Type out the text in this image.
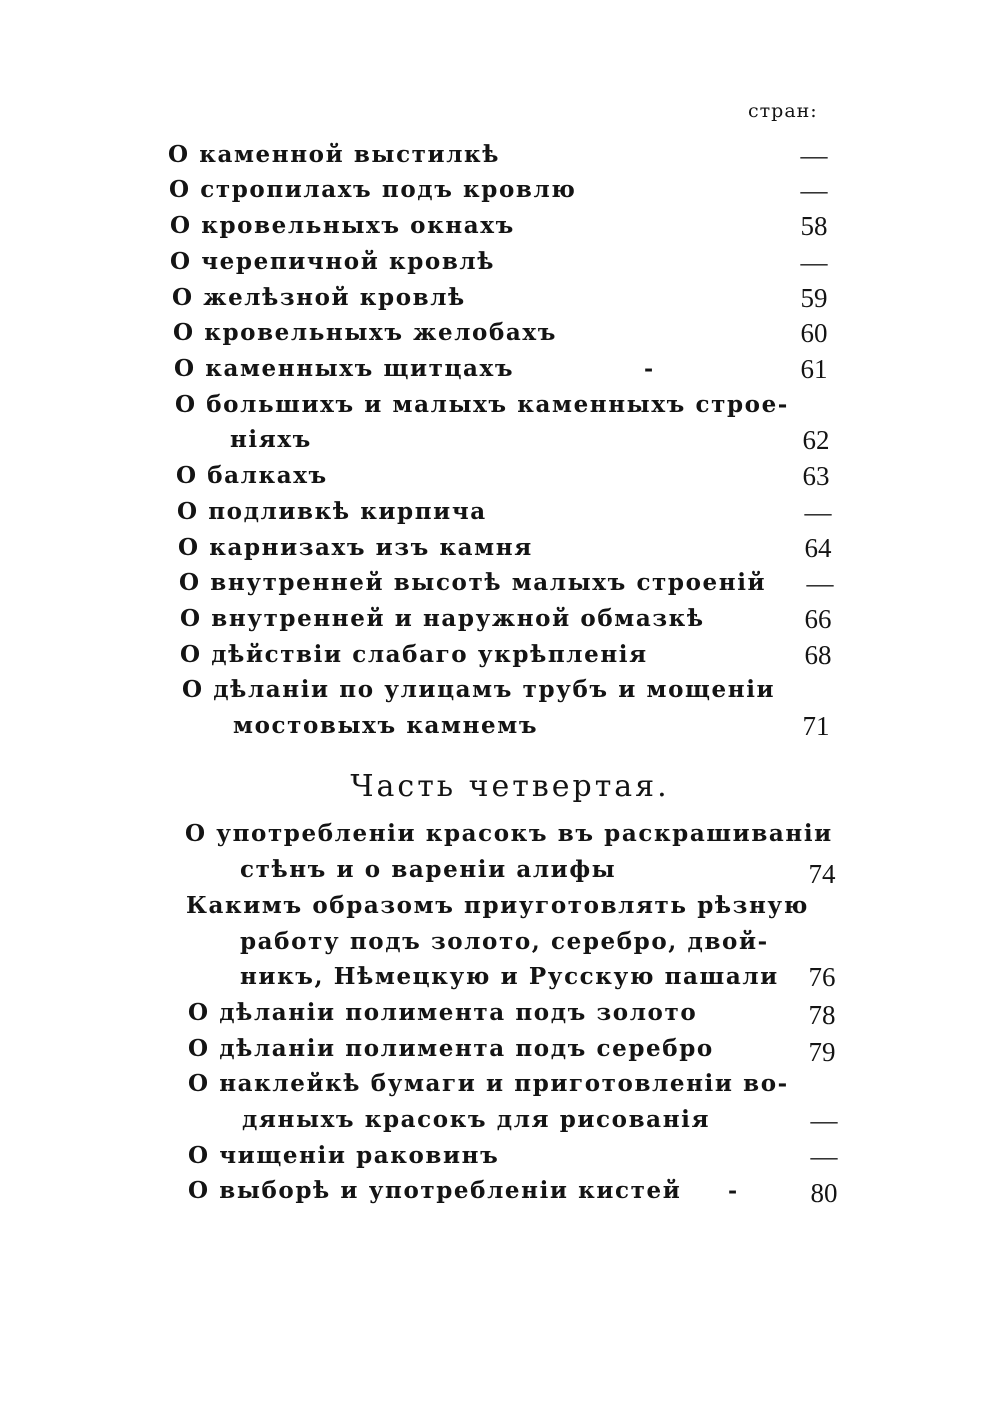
стран:
О каменной выстилкѣ	—
О стропилахъ подъ кровлю	—
О кровельныхъ окнахъ	58
О черепичной кровлѣ	—
О желѣзной кровлѣ	59
О кровельныхъ желобахъ	60
О каменныхъ щитцахъ	-	61
О большихъ и малыхъ каменныхъ строе-
ніяхъ	62
О балкахъ	63
О подливкѣ кирпича	—
О карнизахъ изъ камня	64
О внутренней высотѣ малыхъ строеній	—
О внутренней и наружной обмазкѣ	66
О дѣйствіи слабаго укрѣпленія	68
О дѣланіи по улицамъ трубъ и мощеніи
мостовыхъ камнемъ	71
Часть четвертая.
О употребленіи красокъ въ раскрашиваніи
стѣнъ и о вареніи алифы	74
Какимъ образомъ приуготовлять рѣзную
работу подъ золото, серебро, двой-
никъ, Нѣмецкую и Русскую пашали	76
О дѣланіи полимента подъ золото	78
О дѣланіи полимента подъ серебро	79
О наклейкѣ бумаги и приготовленіи во-
дяныхъ красокъ для рисованія	—
О чищеніи раковинъ	—
О выборѣ и употребленіи кистей -	80
